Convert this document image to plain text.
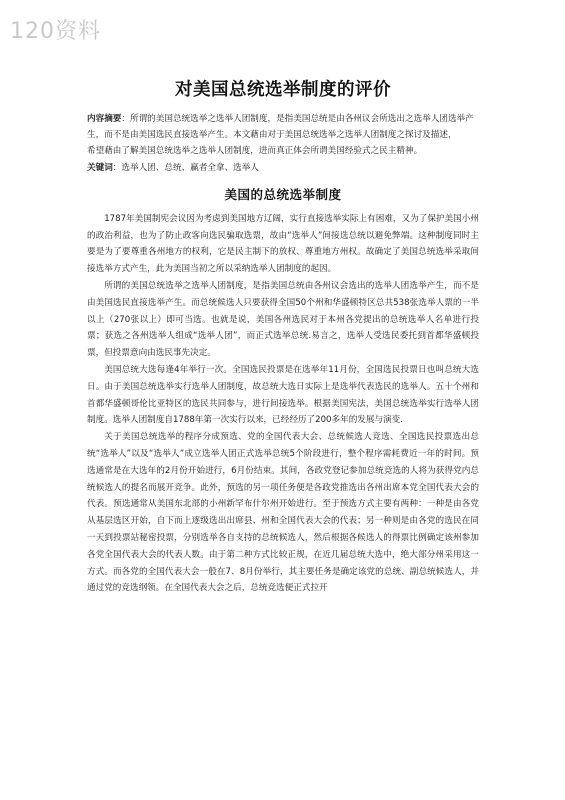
120资料
对美国总统选举制度的评价

内容摘要：所谓的美国总统选举之选举人团制度，是指美国总统是由各州议会所选出之选举人团选举产生，而不是由美国选民直接选举产生。本文藉由对于美国总统选举之选举人团制度之探讨及描述，

希望藉由了解美国总统选举之选举人团制度，进而真正体会所谓美国经验式之民主精神。

关键词：选举人团、总统、赢者全拿、选举人

美国的总统选举制度

1787年美国制宪会议因为考虑到美国地方辽阔，实行直接选举实际上有困难，又为了保护美国小州的政治利益，也为了防止政客向选民骗取选票，故由“选举人”间接选总统以避免弊端。这种制度同时主要是为了要尊重各州地方的权利，它是民主制下的放权、尊重地方州权。故确定了美国总统选举采取间接选举方式产生，此为美国当初之所以采纳选举人团制度的起因。

所谓的美国总统选举之选举人团制度，是指美国总统由各州议会选出的选举人团选举产生，而不是由美国选民直接选举产生。而总统候选人只要获得全国50个州和华盛顿特区总共538张选举人票的一半以上（270张以上）即可当选。也就是说，美国各州选民对于本州各党提出的总统选举人名单进行投票；获选之各州选举人组成“选举人团”，而正式选举总统.易言之，选举人受选民委托到首都华盛顿投票，但投票意向由选民事先决定。

美国总统大选每逢4年举行一次。全国选民投票是在选举年11月份，全国选民投票日也叫总统大选日。由于美国总统选举实行选举人团制度，故总统大选日实际上是选举代表选民的选举人。五十个州和首都华盛顿哥伦比亚特区的选民共同参与，进行间接选举。根据美国宪法，美国总统选举实行选举人团制度。选举人团制度自1788年第一次实行以来，已经经历了200多年的发展与演变.

关于美国总统选举的程序分成预选、党的全国代表大会、总统候选人竞选、全国选民投票选出总统“选举人”以及“选举人”成立选举人团正式选举总统5个阶段进行，整个程序需耗费近一年的时间。预选通常是在大选年的2月份开始进行，6月份结束。其间，各政党登记参加总统竞选的人将为获得党内总统候选人的提名而展开竞争。此外，预选的另一项任务便是各政党推选出各州出席本党全国代表大会的代表。预选通常从美国东北部的小州新罕布什尔州开始进行。至于预选方式主要有两种：一种是由各党从基层选区开始，自下而上逐级选出出席县、州和全国代表大会的代表；另一种则是由各党的选民在同一天到投票站秘密投票，分别选举各自支持的总统候选人，然后根据各候选人的得票比例确定该州参加各党全国代表大会的代表人数。由于第二种方式比较正规，在近几届总统大选中，绝大部分州采用这一方式。而各党的全国代表大会一般在7、8月份举行，其主要任务是确定该党的总统、副总统候选人，并通过党的竞选纲领。在全国代表大会之后，总统竞选便正式拉开
